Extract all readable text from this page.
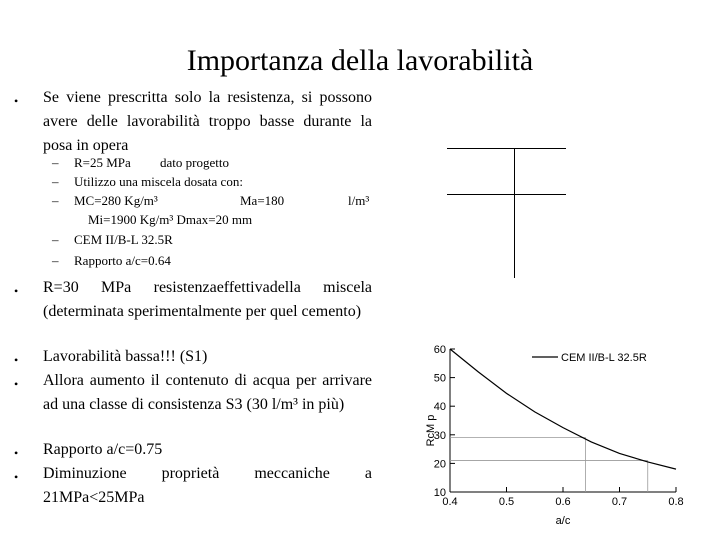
Importanza della lavorabilità
• Se viene prescritta solo la resistenza, si possono avere delle lavorabilità troppo basse durante la posa in opera
– R=25 MPa dato progetto
– Utilizzo una miscela dosata con:
– MC=280 Kg/m³	Ma=180	l/m³
Mi=1900 Kg/m³ Dmax=20 mm
– CEM II/B-L 32.5R
– Rapporto a/c=0.64
• R=30 MPa resistenzaeffettivadella miscela (determinata sperimentalmente per quel cemento)
• Lavorabilità bassa!!! (S1)
• Allora aumento il contenuto di acqua per arrivare ad una classe di consistenza S3 (30 l/m³ in più)
• Rapporto a/c=0.75
• Diminuzione proprietà meccaniche a 21MPa<25MPa	10
20
30
40
50
60
0.4	0.5	0.6	0.7	0.8
CEM II/B-L 32.5R
a/c
RcM p
